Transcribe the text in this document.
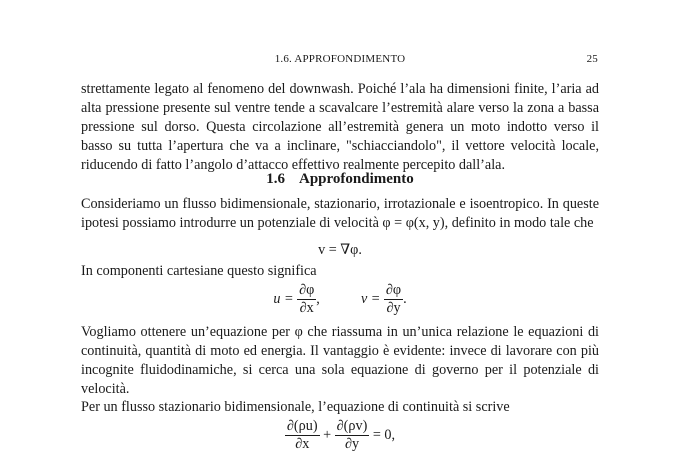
1.6. APPROFONDIMENTO	25

strettamente legato al fenomeno del downwash. Poiché l’ala ha dimensioni finite, l’aria ad alta pressione presente sul ventre tende a scavalcare l’estremità alare verso la zona a bassa pressione sul dorso. Questa circolazione all’estremità genera un moto indotto verso il basso su tutta l’apertura che va a inclinare, "schiacciandolo", il vettore velocità locale, riducendo di fatto l’angolo d’attacco effettivo realmente percepito dall’ala.

1.6 Approfondimento

Consideriamo un flusso bidimensionale, stazionario, irrotazionale e isoentropico. In queste ipotesi possiamo introdurre un potenziale di velocità φ = φ(x, y), definito in modo tale che

v = ∇φ.

In componenti cartesiane questo significa

$u = \frac{\partial\varphi}{\partial x}$ ,	$v = \frac{\partial\varphi}{\partial y}$ .

Vogliamo ottenere un’equazione per φ che riassuma in un’unica relazione le equazioni di continuità, quantità di moto ed energia. Il vantaggio è evidente: invece di lavorare con più incognite fluidodinamiche, si cerca una sola equazione di governo per il potenziale di velocità.

Per un flusso stazionario bidimensionale, l’equazione di continuità si scrive

$\frac{\partial(\rho u)}{\partial x} + \frac{\partial(\rho v)}{\partial y} = 0$,
